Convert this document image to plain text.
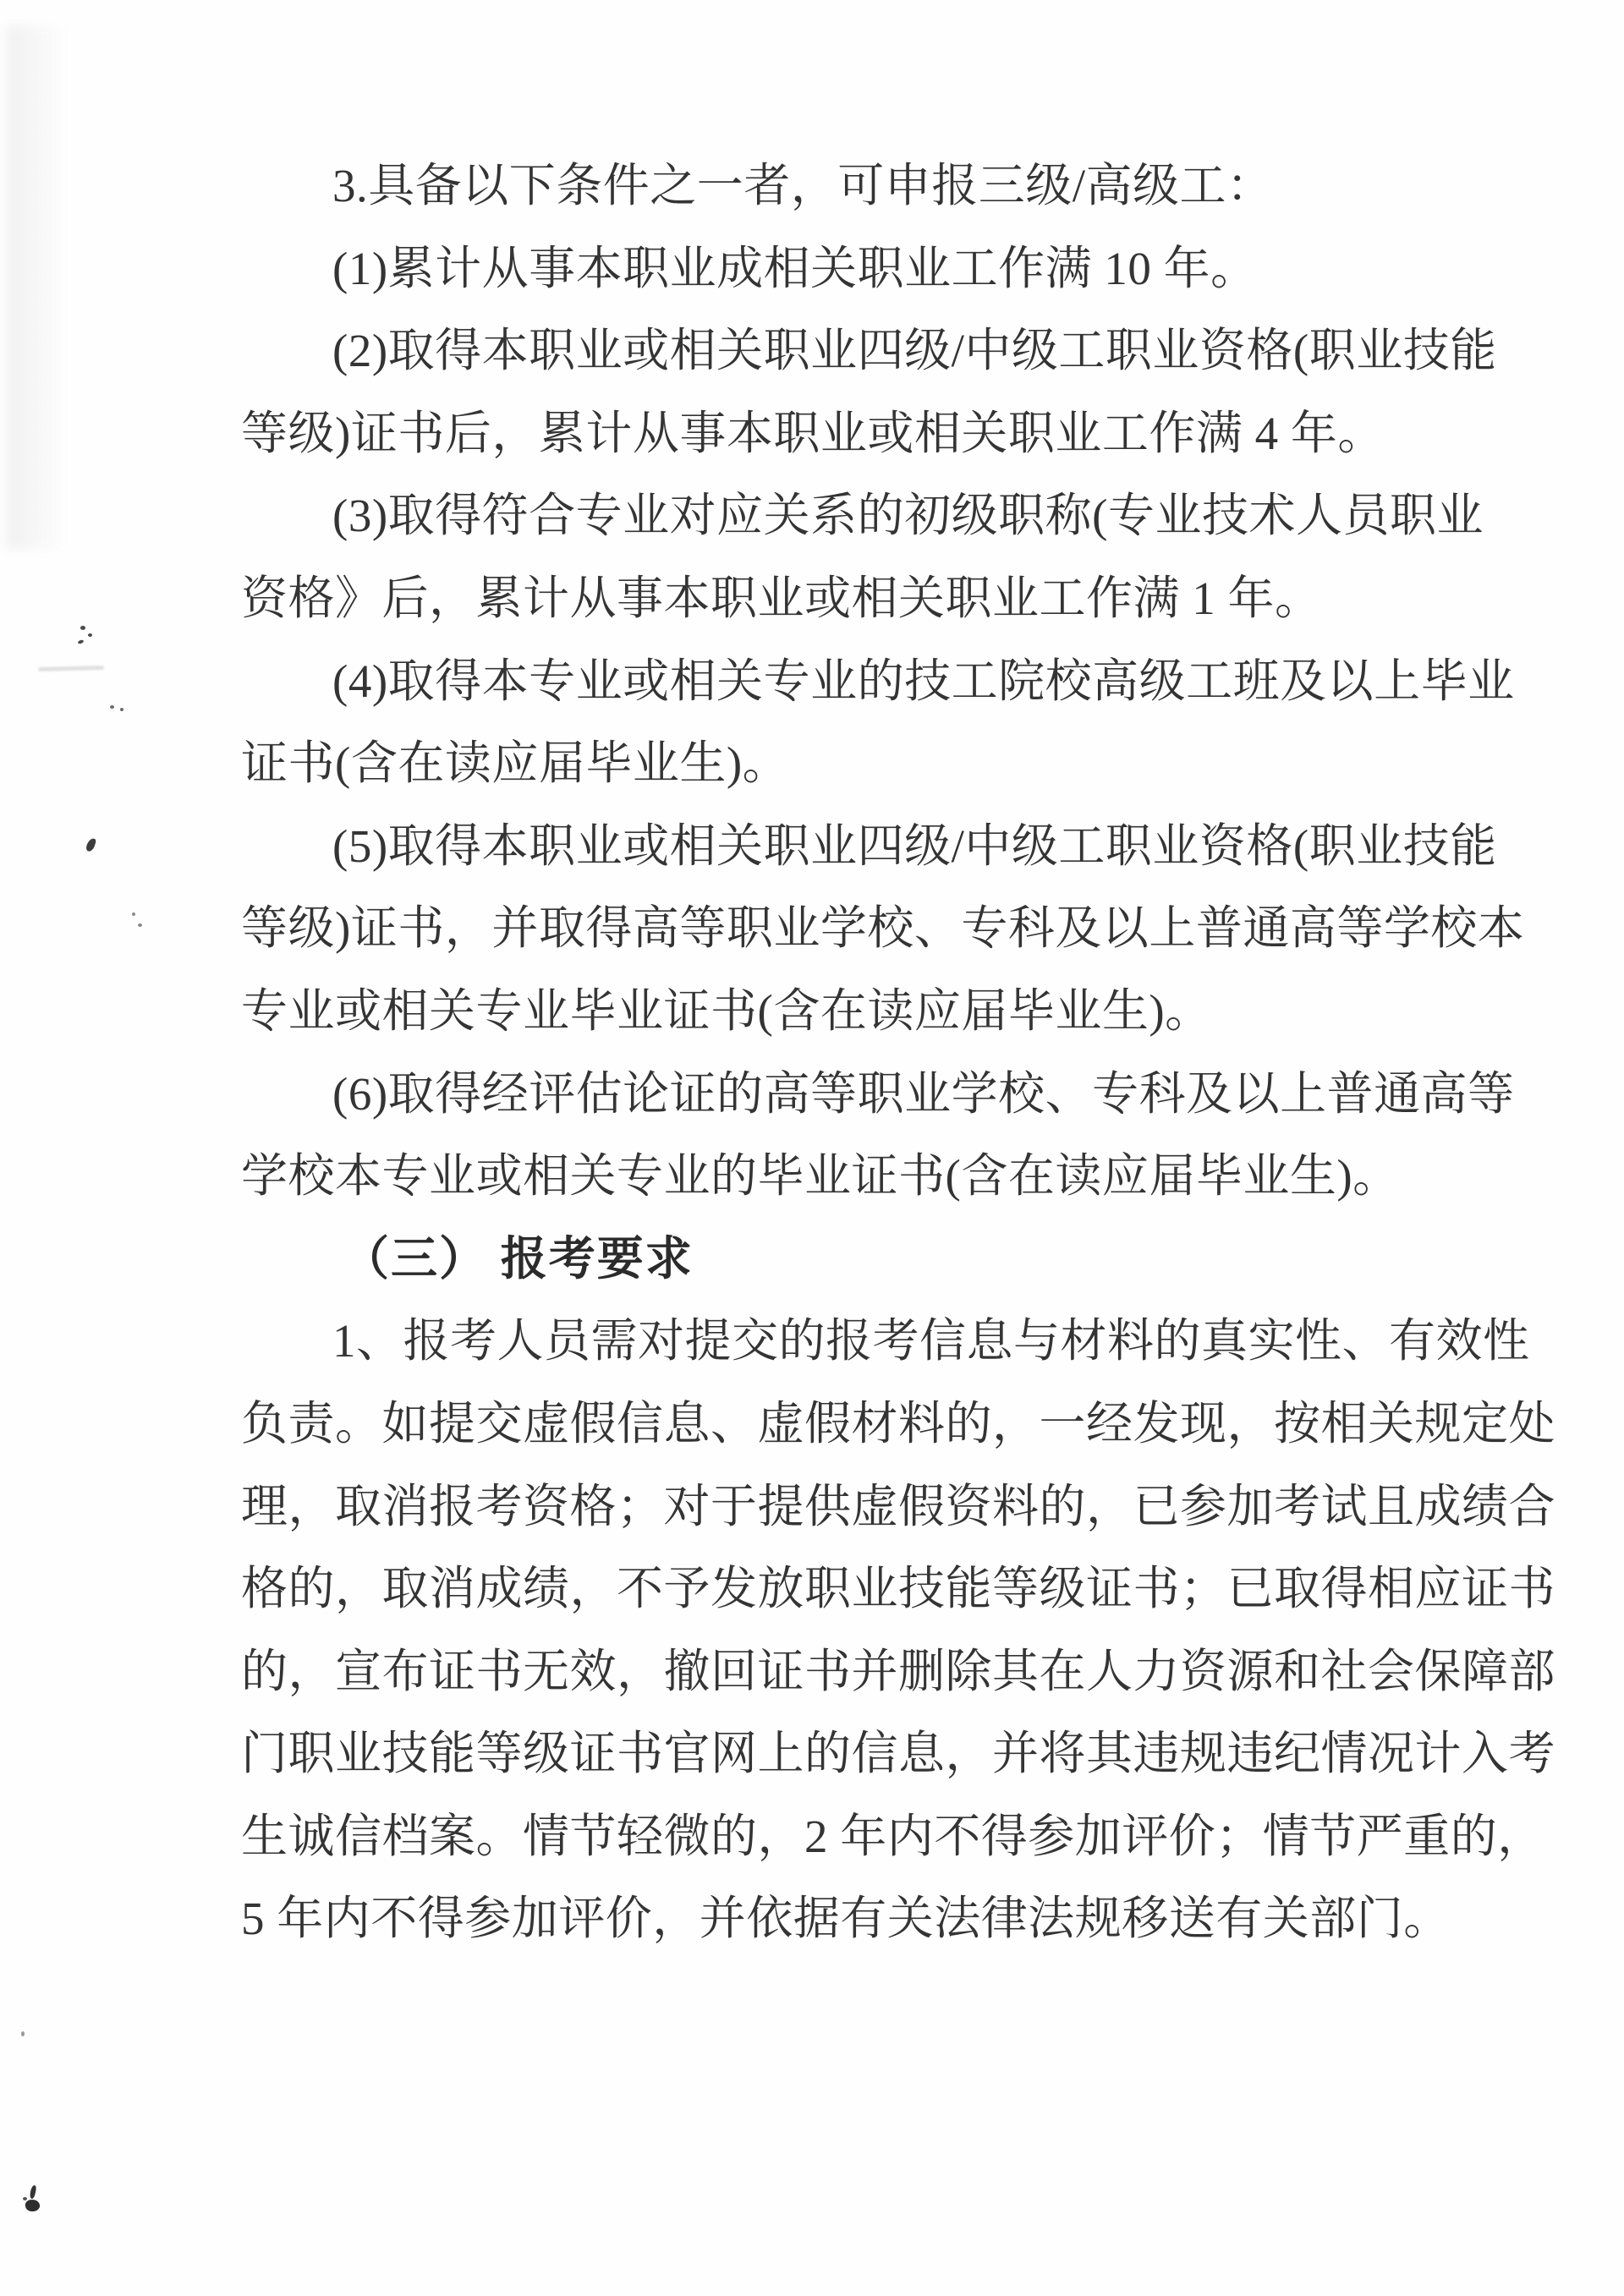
3.具备以下条件之一者，可申报三级/高级工：
(1)累计从事本职业成相关职业工作满 10 年。
(2)取得本职业或相关职业四级/中级工职业资格(职业技能
等级)证书后，累计从事本职业或相关职业工作满 4 年。
(3)取得符合专业对应关系的初级职称(专业技术人员职业
资格》后，累计从事本职业或相关职业工作满 1 年。
(4)取得本专业或相关专业的技工院校高级工班及以上毕业
证书(含在读应届毕业生)。
(5)取得本职业或相关职业四级/中级工职业资格(职业技能
等级)证书，并取得高等职业学校、专科及以上普通高等学校本
专业或相关专业毕业证书(含在读应届毕业生)。
(6)取得经评估论证的高等职业学校、专科及以上普通高等
学校本专业或相关专业的毕业证书(含在读应届毕业生)。
（三） 报考要求
1、报考人员需对提交的报考信息与材料的真实性、有效性
负责。如提交虚假信息、虚假材料的，一经发现，按相关规定处
理，取消报考资格；对于提供虚假资料的，已参加考试且成绩合
格的，取消成绩，不予发放职业技能等级证书；已取得相应证书
的，宣布证书无效，撤回证书并删除其在人力资源和社会保障部
门职业技能等级证书官网上的信息，并将其违规违纪情况计入考
生诚信档案。情节轻微的，2 年内不得参加评价；情节严重的，
5 年内不得参加评价，并依据有关法律法规移送有关部门。
